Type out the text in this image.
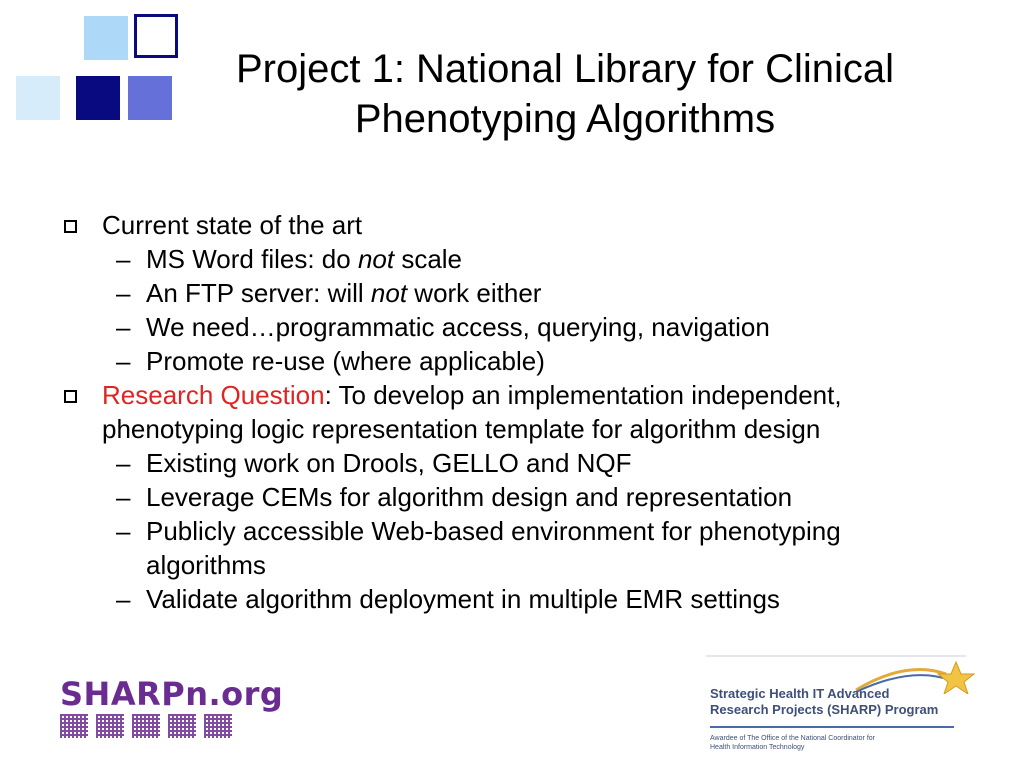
Project 1: National Library for Clinical
Phenotyping Algorithms
Current state of the art
– MS Word files: do not scale
– An FTP server: will not work either
– We need…programmatic access, querying, navigation
– Promote re-use (where applicable)
Research Question: To develop an implementation independent, phenotyping logic representation template for algorithm design
– Existing work on Drools, GELLO and NQF
– Leverage CEMs for algorithm design and representation
– Publicly accessible Web-based environment for phenotyping algorithms
– Validate algorithm deployment in multiple EMR settings
SHARPn.org	Strategic Health IT Advanced
Research Projects (SHARP) Program
Awardee of The Office of the National Coordinator for
Health Information Technology
